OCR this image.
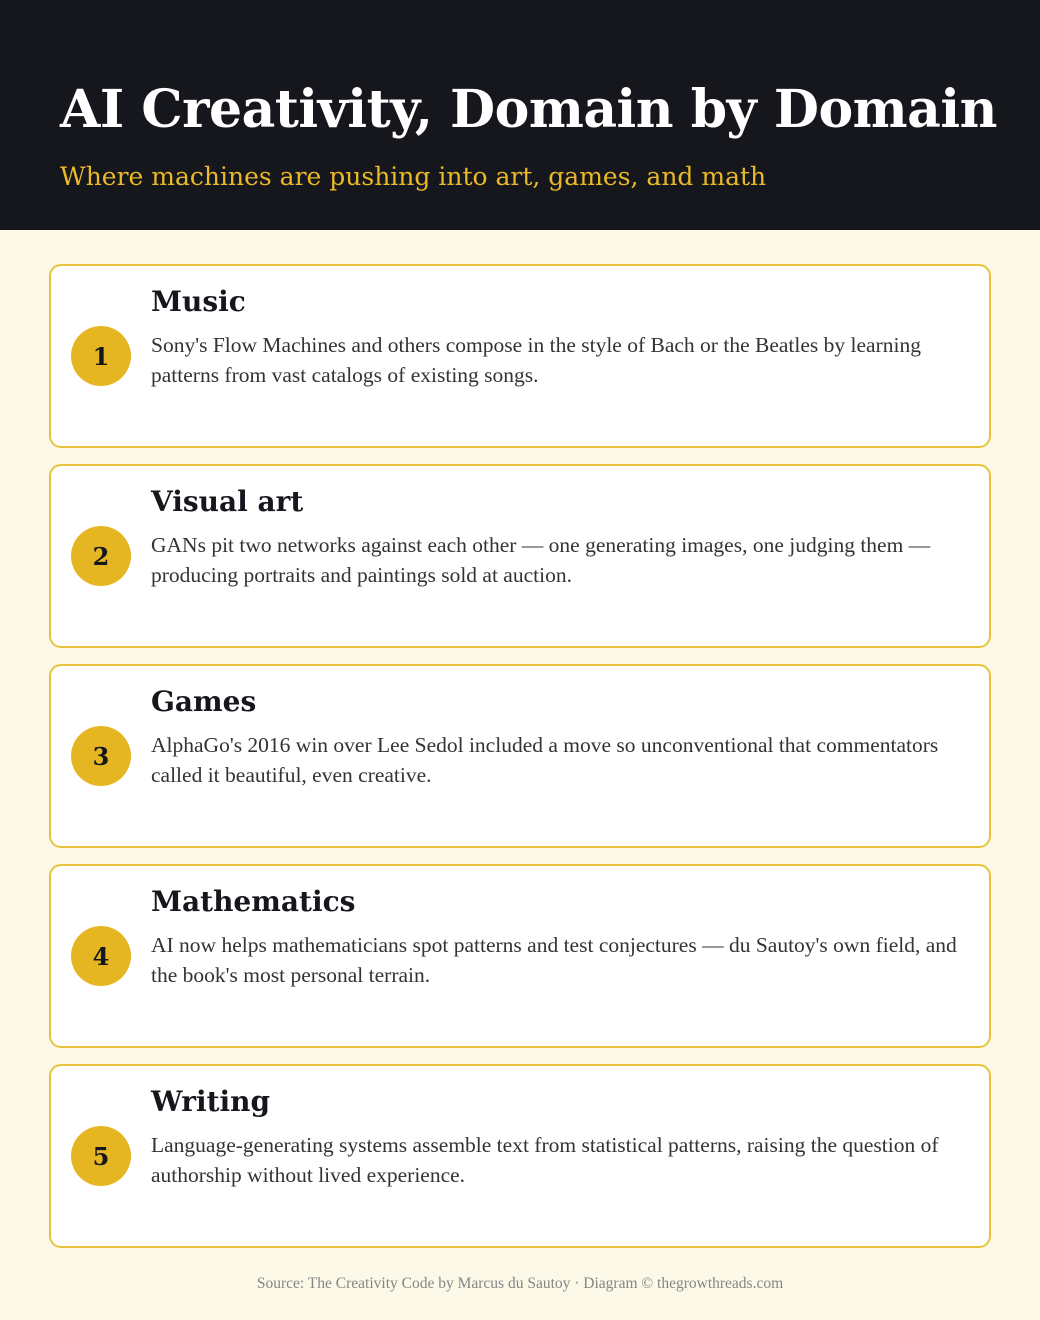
AI Creativity, Domain by Domain
Where machines are pushing into art, games, and math
1
Music
Sony's Flow Machines and others compose in the style of Bach or the Beatles by learning patterns from vast catalogs of existing songs.
2
Visual art
GANs pit two networks against each other — one generating images, one judging them — producing portraits and paintings sold at auction.
3
Games
AlphaGo's 2016 win over Lee Sedol included a move so unconventional that commentators called it beautiful, even creative.
4
Mathematics
AI now helps mathematicians spot patterns and test conjectures — du Sautoy's own field, and the book's most personal terrain.
5
Writing
Language-generating systems assemble text from statistical patterns, raising the question of authorship without lived experience.
Source: The Creativity Code by Marcus du Sautoy · Diagram © thegrowthreads.com
